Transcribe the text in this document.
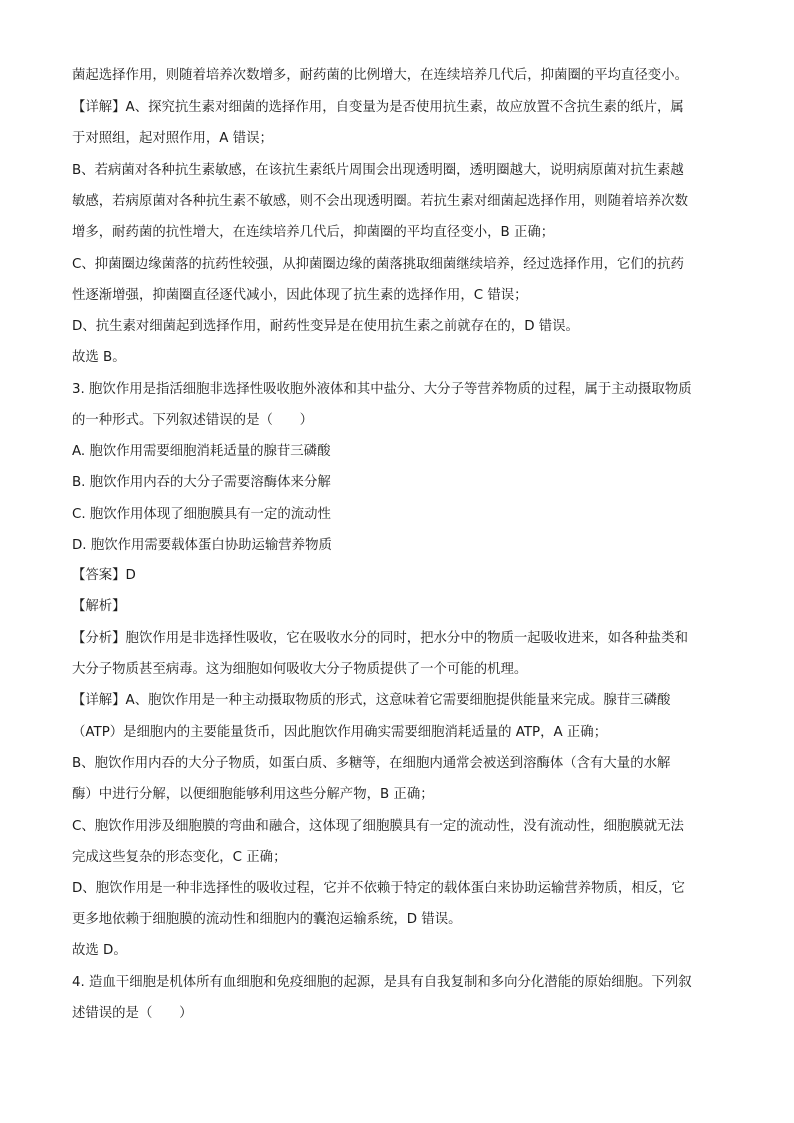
菌起选择作用，则随着培养次数增多，耐药菌的比例增大，在连续培养几代后，抑菌圈的平均直径变小。
【详解】A、探究抗生素对细菌的选择作用，自变量为是否使用抗生素，故应放置不含抗生素的纸片，属
于对照组，起对照作用，A 错误；
B、若病菌对各种抗生素敏感，在该抗生素纸片周围会出现透明圈，透明圈越大，说明病原菌对抗生素越
敏感，若病原菌对各种抗生素不敏感，则不会出现透明圈。若抗生素对细菌起选择作用，则随着培养次数
增多，耐药菌的抗性增大，在连续培养几代后，抑菌圈的平均直径变小，B 正确；
C、抑菌圈边缘菌落的抗药性较强，从抑菌圈边缘的菌落挑取细菌继续培养，经过选择作用，它们的抗药
性逐渐增强，抑菌圈直径逐代减小，因此体现了抗生素的选择作用，C 错误；
D、抗生素对细菌起到选择作用，耐药性变异是在使用抗生素之前就存在的，D 错误。
故选 B。
3. 胞饮作用是指活细胞非选择性吸收胞外液体和其中盐分、大分子等营养物质的过程，属于主动摄取物质
的一种形式。下列叙述错误的是（　　）
A. 胞饮作用需要细胞消耗适量的腺苷三磷酸
B. 胞饮作用内吞的大分子需要溶酶体来分解
C. 胞饮作用体现了细胞膜具有一定的流动性
D. 胞饮作用需要载体蛋白协助运输营养物质
【答案】D
【解析】
【分析】胞饮作用是非选择性吸收，它在吸收水分的同时，把水分中的物质一起吸收进来，如各种盐类和
大分子物质甚至病毒。这为细胞如何吸收大分子物质提供了一个可能的机理。
【详解】A、胞饮作用是一种主动摄取物质的形式，这意味着它需要细胞提供能量来完成。腺苷三磷酸
（ATP）是细胞内的主要能量货币，因此胞饮作用确实需要细胞消耗适量的 ATP，A 正确；
B、胞饮作用内吞的大分子物质，如蛋白质、多糖等，在细胞内通常会被送到溶酶体（含有大量的水解
酶）中进行分解，以便细胞能够利用这些分解产物，B 正确；
C、胞饮作用涉及细胞膜的弯曲和融合，这体现了细胞膜具有一定的流动性，没有流动性，细胞膜就无法
完成这些复杂的形态变化，C 正确；
D、胞饮作用是一种非选择性的吸收过程，它并不依赖于特定的载体蛋白来协助运输营养物质，相反，它
更多地依赖于细胞膜的流动性和细胞内的囊泡运输系统，D 错误。
故选 D。
4. 造血干细胞是机体所有血细胞和免疫细胞的起源，是具有自我复制和多向分化潜能的原始细胞。下列叙
述错误的是（　　）
